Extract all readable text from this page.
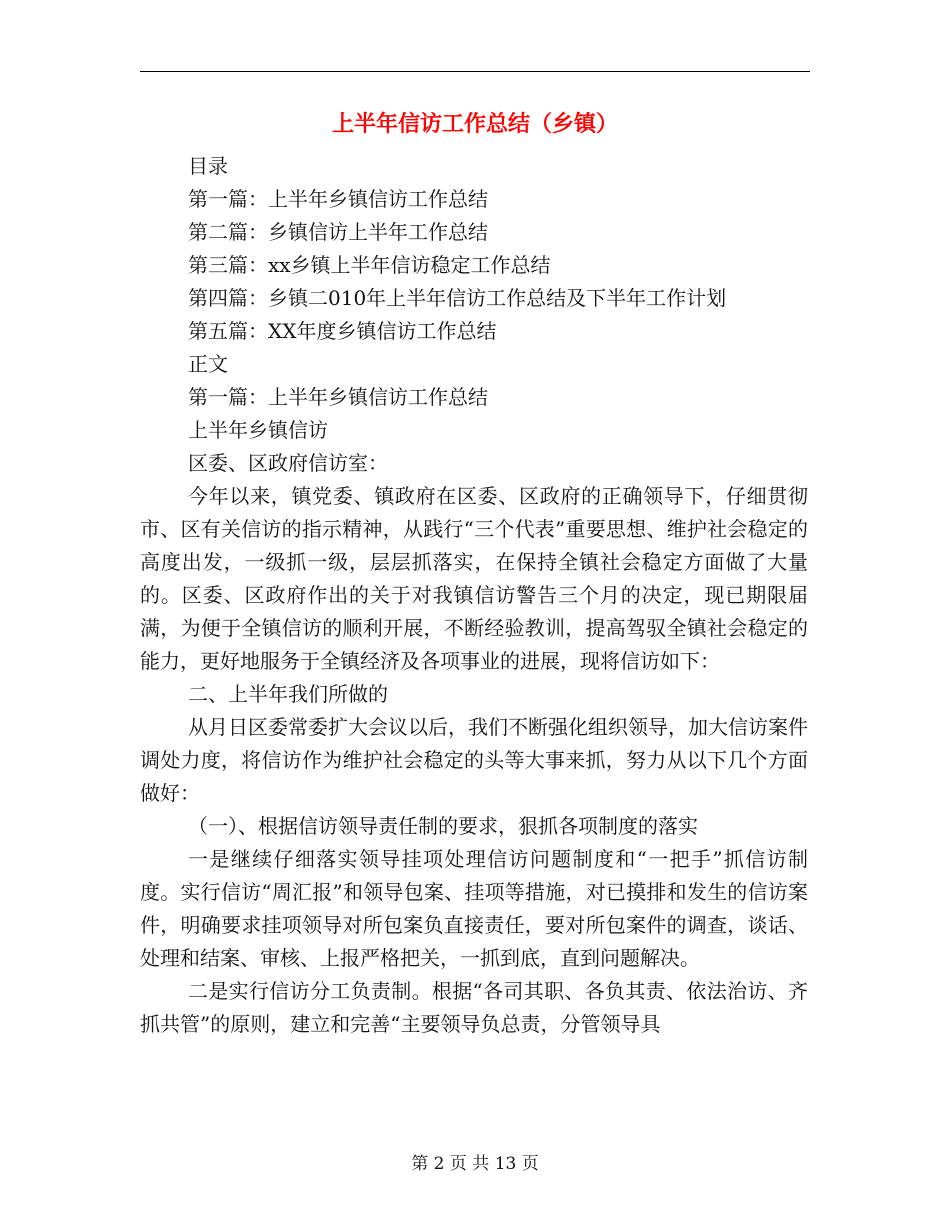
上半年信访工作总结（乡镇）

目录

第一篇：上半年乡镇信访工作总结

第二篇：乡镇信访上半年工作总结

第三篇：xx乡镇上半年信访稳定工作总结

第四篇：乡镇二010年上半年信访工作总结及下半年工作计划

第五篇：XX年度乡镇信访工作总结

正文

第一篇：上半年乡镇信访工作总结

上半年乡镇信访

区委、区政府信访室：

今年以来，镇党委、镇政府在区委、区政府的正确领导下，仔细贯彻市、区有关信访的指示精神，从践行“三个代表”重要思想、维护社会稳定的高度出发，一级抓一级，层层抓落实，在保持全镇社会稳定方面做了大量的。区委、区政府作出的关于对我镇信访警告三个月的决定，现已期限届满，为便于全镇信访的顺利开展，不断经验教训，提高驾驭全镇社会稳定的能力，更好地服务于全镇经济及各项事业的进展，现将信访如下：

二、上半年我们所做的

从月日区委常委扩大会议以后，我们不断强化组织领导，加大信访案件调处力度，将信访作为维护社会稳定的头等大事来抓，努力从以下几个方面做好：

（一）、根据信访领导责任制的要求，狠抓各项制度的落实

一是继续仔细落实领导挂项处理信访问题制度和“一把手”抓信访制度。实行信访“周汇报”和领导包案、挂项等措施，对已摸排和发生的信访案件，明确要求挂项领导对所包案负直接责任，要对所包案件的调查，谈话、处理和结案、审核、上报严格把关，一抓到底，直到问题解决。

二是实行信访分工负责制。根据“各司其职、各负其责、依法治访、齐抓共管”的原则，建立和完善“主要领导负总责，分管领导具

第 2 页 共 13 页
